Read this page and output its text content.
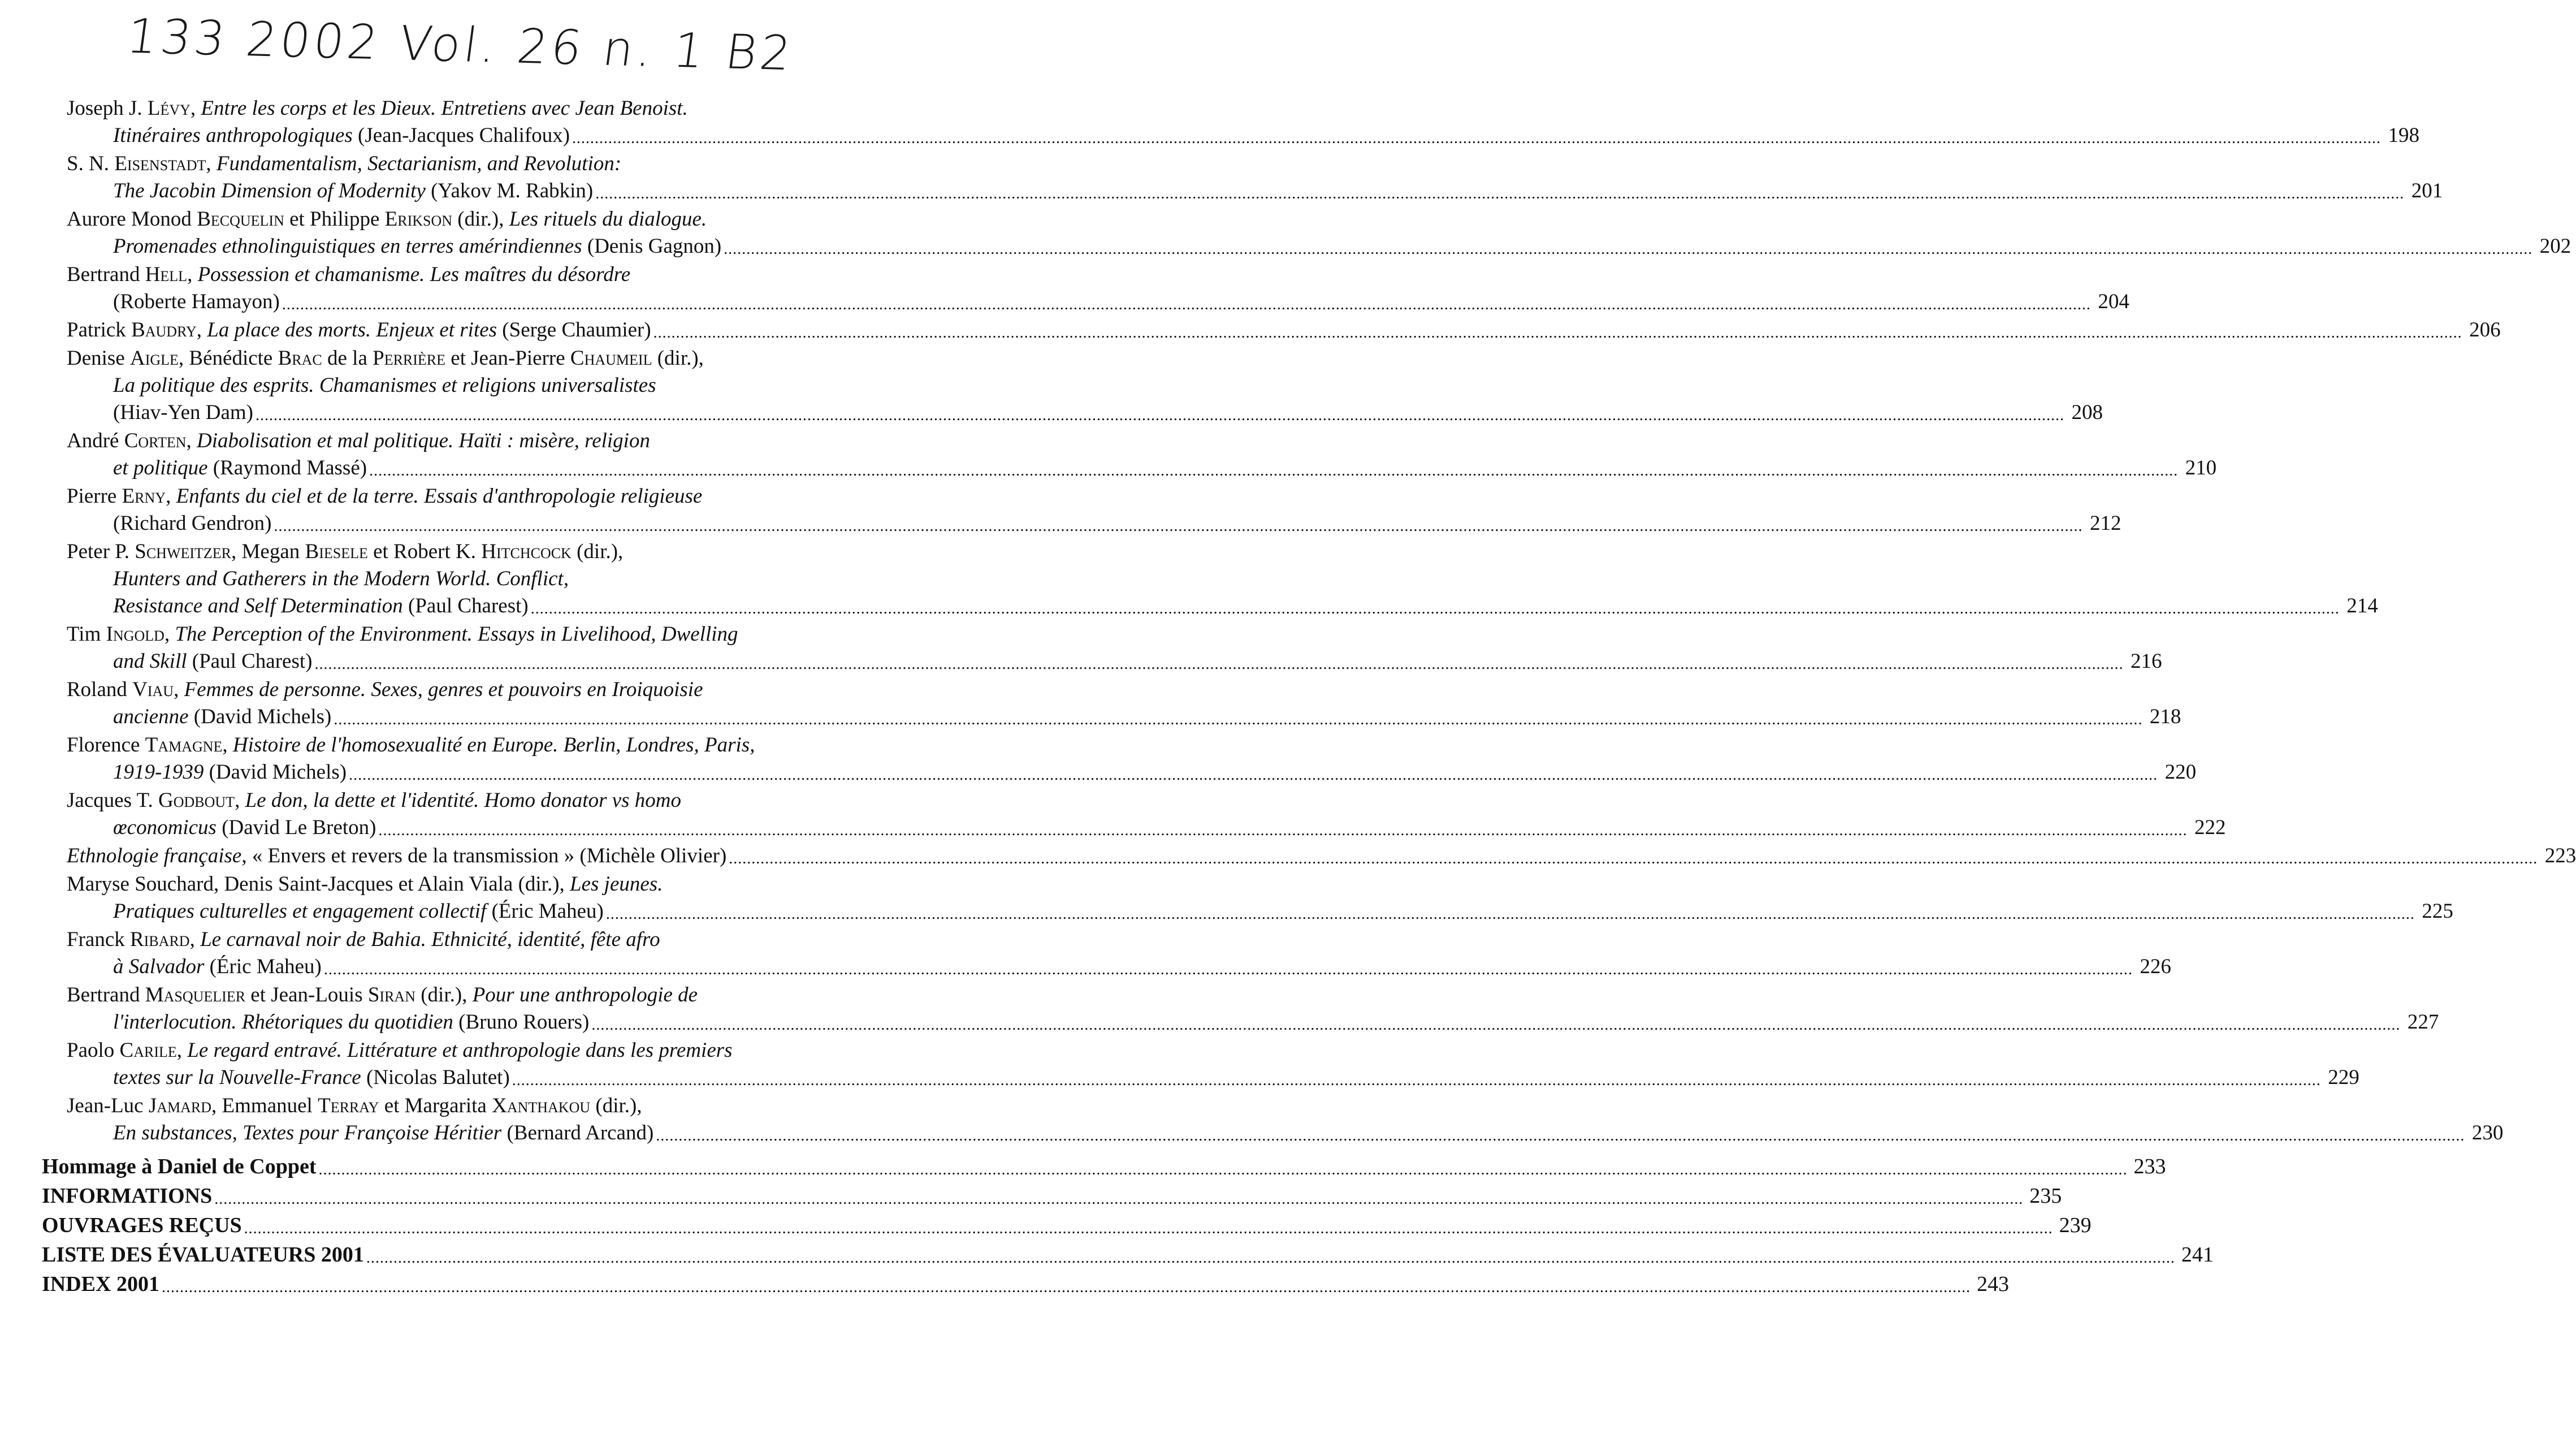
133 2002 Vol. 26 n. 1 B2
Joseph J. Lévy , Entre les corps et les Dieux. Entretiens avec Jean Benoist.
Itinéraires anthropologiques (Jean-Jacques Chalifoux) ................................................................................................................................................................................................................................................................................................................................................................................................................ 198
S. N. Eisenstadt , Fundamentalism, Sectarianism, and Revolution:
The Jacobin Dimension of Modernity (Yakov M. Rabkin) ................................................................................................................................................................................................................................................................................................................................................................................................................ 201
Aurore Monod Becquelin et Philippe Erikson (dir.), Les rituels du dialogue.
Promenades ethnolinguistiques en terres amérindiennes (Denis Gagnon) ................................................................................................................................................................................................................................................................................................................................................................................................................ 202
Bertrand Hell , Possession et chamanisme. Les maîtres du désordre
(Roberte Hamayon) ................................................................................................................................................................................................................................................................................................................................................................................................................ 204
Patrick Baudry , La place des morts. Enjeux et rites (Serge Chaumier) ................................................................................................................................................................................................................................................................................................................................................................................................................ 206
Denise Aigle , Bénédicte Brac de la Perrière et Jean-Pierre Chaumeil (dir.),
La politique des esprits. Chamanismes et religions universalistes
(Hiav-Yen Dam) ................................................................................................................................................................................................................................................................................................................................................................................................................ 208
André Corten , Diabolisation et mal politique. Haïti : misère, religion
et politique (Raymond Massé) ................................................................................................................................................................................................................................................................................................................................................................................................................ 210
Pierre Erny , Enfants du ciel et de la terre. Essais d'anthropologie religieuse
(Richard Gendron) ................................................................................................................................................................................................................................................................................................................................................................................................................ 212
Peter P. Schweitzer , Megan Biesele et Robert K. Hitchcock (dir.),
Hunters and Gatherers in the Modern World. Conflict,
Resistance and Self Determination (Paul Charest) ................................................................................................................................................................................................................................................................................................................................................................................................................ 214
Tim Ingold , The Perception of the Environment. Essays in Livelihood, Dwelling
and Skill (Paul Charest) ................................................................................................................................................................................................................................................................................................................................................................................................................ 216
Roland Viau , Femmes de personne. Sexes, genres et pouvoirs en Iroiquoisie
ancienne (David Michels) ................................................................................................................................................................................................................................................................................................................................................................................................................ 218
Florence Tamagne , Histoire de l'homosexualité en Europe. Berlin, Londres, Paris,
1919-1939 (David Michels) ................................................................................................................................................................................................................................................................................................................................................................................................................ 220
Jacques T. Godbout , Le don, la dette et l'identité. Homo donator vs homo
œconomicus (David Le Breton) ................................................................................................................................................................................................................................................................................................................................................................................................................ 222
Ethnologie française , « Envers et revers de la transmission » (Michèle Olivier) ................................................................................................................................................................................................................................................................................................................................................................................................................ 223
Maryse Souchard, Denis Saint-Jacques et Alain Viala (dir.), Les jeunes.
Pratiques culturelles et engagement collectif (Éric Maheu) ................................................................................................................................................................................................................................................................................................................................................................................................................ 225
Franck Ribard , Le carnaval noir de Bahia. Ethnicité, identité, fête afro
à Salvador (Éric Maheu) ................................................................................................................................................................................................................................................................................................................................................................................................................ 226
Bertrand Masquelier et Jean-Louis Siran (dir.), Pour une anthropologie de
l'interlocution. Rhétoriques du quotidien (Bruno Rouers) ................................................................................................................................................................................................................................................................................................................................................................................................................ 227
Paolo Carile , Le regard entravé. Littérature et anthropologie dans les premiers
textes sur la Nouvelle-France (Nicolas Balutet) ................................................................................................................................................................................................................................................................................................................................................................................................................ 229
Jean-Luc Jamard , Emmanuel Terray et Margarita Xanthakou (dir.),
En substances, Textes pour Françoise Héritier (Bernard Arcand) ................................................................................................................................................................................................................................................................................................................................................................................................................ 230
Hommage à Daniel de Coppet ................................................................................................................................................................................................................................................................................................................................................................................................................ 233
INFORMATIONS ................................................................................................................................................................................................................................................................................................................................................................................................................ 235
OUVRAGES REÇUS ................................................................................................................................................................................................................................................................................................................................................................................................................ 239
LISTE DES ÉVALUATEURS 2001 ................................................................................................................................................................................................................................................................................................................................................................................................................ 241
INDEX 2001 ................................................................................................................................................................................................................................................................................................................................................................................................................ 243
